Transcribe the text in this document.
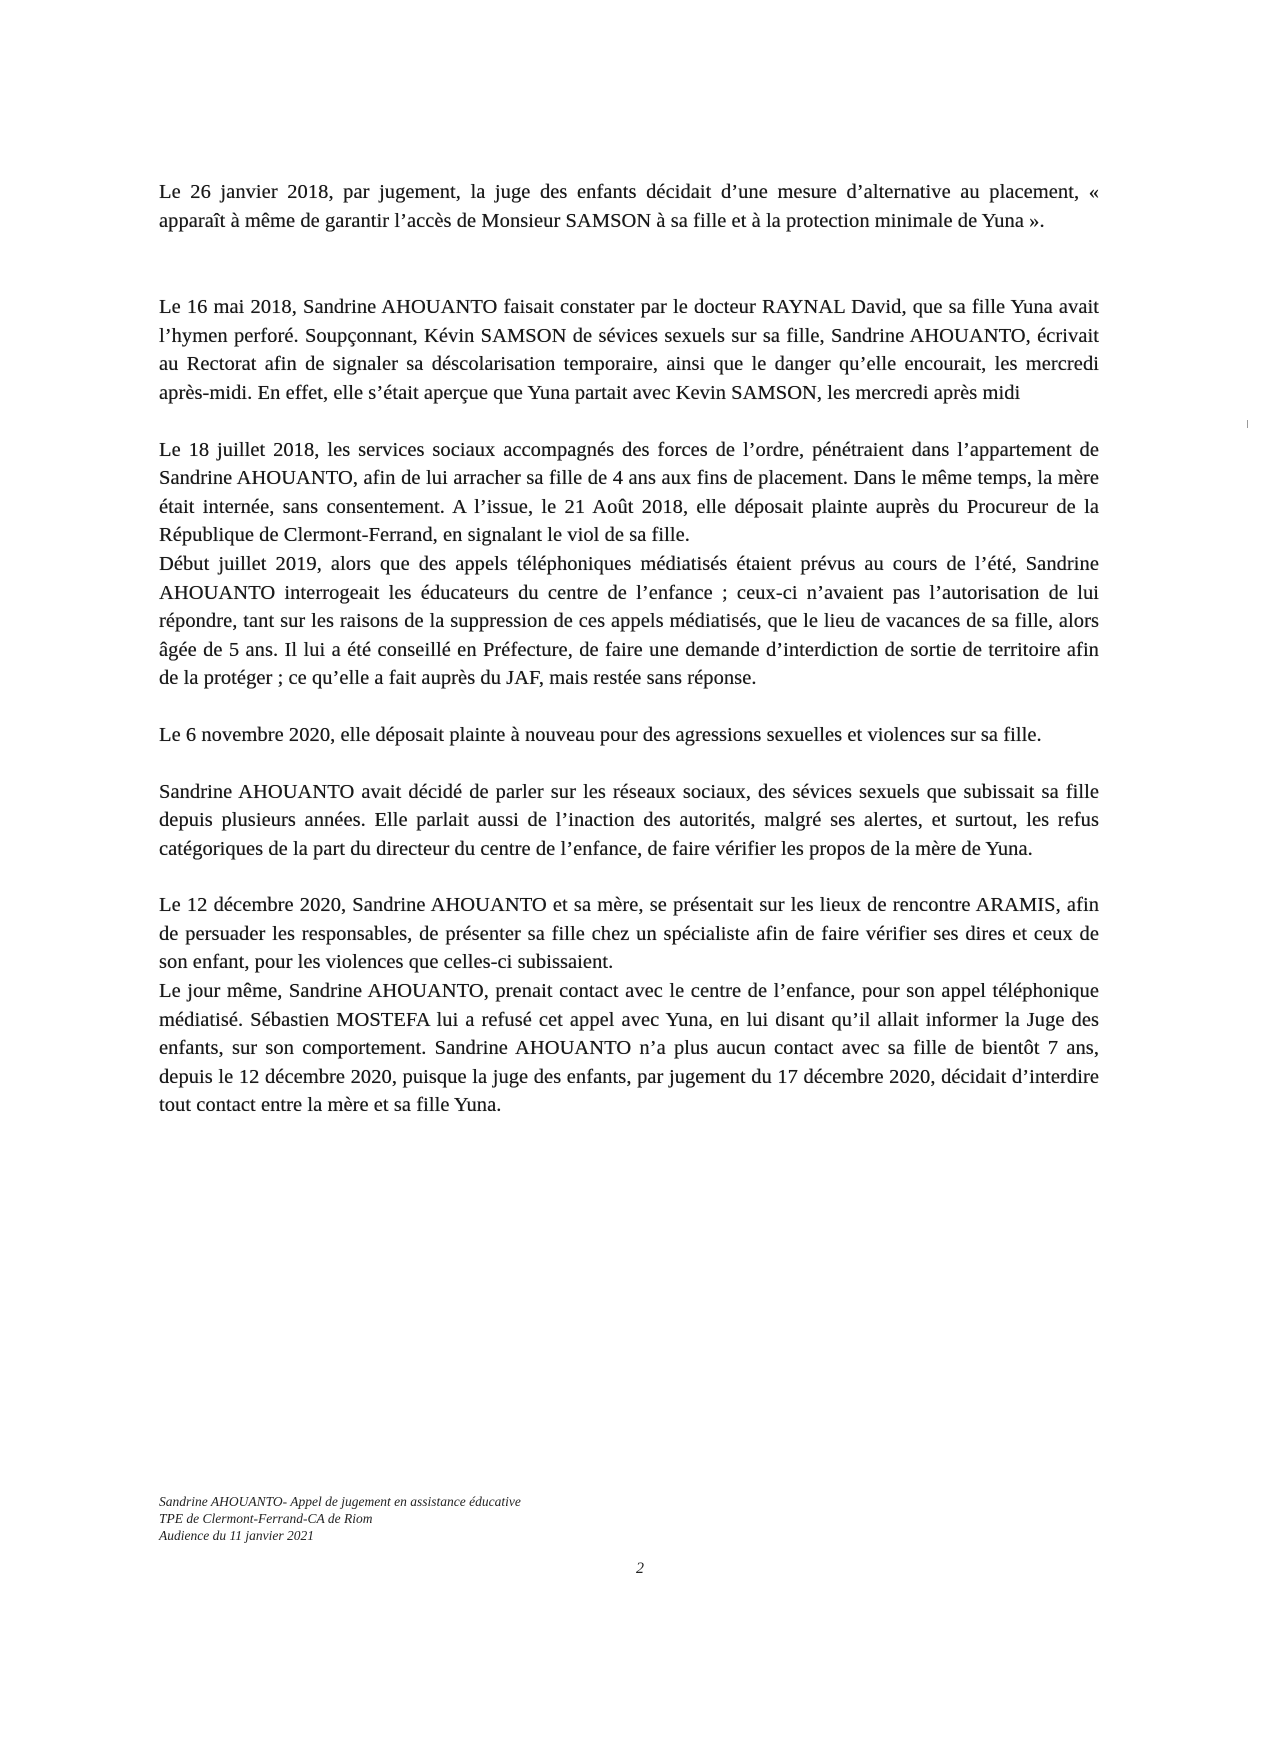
Le 26 janvier 2018, par jugement, la juge des enfants décidait d’une mesure d’alternative au placement, « apparaît à même de garantir l’accès de Monsieur SAMSON à sa fille et à la protection minimale de Yuna ».

Le 16 mai 2018, Sandrine AHOUANTO faisait constater par le docteur RAYNAL David, que sa fille Yuna avait l’hymen perforé. Soupçonnant, Kévin SAMSON de sévices sexuels sur sa fille, Sandrine AHOUANTO, écrivait au Rectorat afin de signaler sa déscolarisation temporaire, ainsi que le danger qu’elle encourait, les mercredi après-midi. En effet, elle s’était aperçue que Yuna partait avec Kevin SAMSON, les mercredi après midi

Le 18 juillet 2018, les services sociaux accompagnés des forces de l’ordre, pénétraient dans l’appartement de Sandrine AHOUANTO, afin de lui arracher sa fille de 4 ans aux fins de placement. Dans le même temps, la mère était internée, sans consentement. A l’issue, le 21 Août 2018, elle déposait plainte auprès du Procureur de la République de Clermont-Ferrand, en signalant le viol de sa fille.

Début juillet 2019, alors que des appels téléphoniques médiatisés étaient prévus au cours de l’été, Sandrine AHOUANTO interrogeait les éducateurs du centre de l’enfance ; ceux-ci n’avaient pas l’autorisation de lui répondre, tant sur les raisons de la suppression de ces appels médiatisés, que le lieu de vacances de sa fille, alors âgée de 5 ans. Il lui a été conseillé en Préfecture, de faire une demande d’interdiction de sortie de territoire afin de la protéger ; ce qu’elle a fait auprès du JAF, mais restée sans réponse.

Le 6 novembre 2020, elle déposait plainte à nouveau pour des agressions sexuelles et violences sur sa fille.

Sandrine AHOUANTO avait décidé de parler sur les réseaux sociaux, des sévices sexuels que subissait sa fille depuis plusieurs années. Elle parlait aussi de l’inaction des autorités, malgré ses alertes, et surtout, les refus catégoriques de la part du directeur du centre de l’enfance, de faire vérifier les propos de la mère de Yuna.

Le 12 décembre 2020, Sandrine AHOUANTO et sa mère, se présentait sur les lieux de rencontre ARAMIS, afin de persuader les responsables, de présenter sa fille chez un spécialiste afin de faire vérifier ses dires et ceux de son enfant, pour les violences que celles-ci subissaient.

Le jour même, Sandrine AHOUANTO, prenait contact avec le centre de l’enfance, pour son appel téléphonique médiatisé. Sébastien MOSTEFA lui a refusé cet appel avec Yuna, en lui disant qu’il allait informer la Juge des enfants, sur son comportement. Sandrine AHOUANTO n’a plus aucun contact avec sa fille de bientôt 7 ans, depuis le 12 décembre 2020, puisque la juge des enfants, par jugement du 17 décembre 2020, décidait d’interdire tout contact entre la mère et sa fille Yuna.

Sandrine AHOUANTO- Appel de jugement en assistance éducative
TPE de Clermont-Ferrand-CA de Riom
Audience du 11 janvier 2021
2
